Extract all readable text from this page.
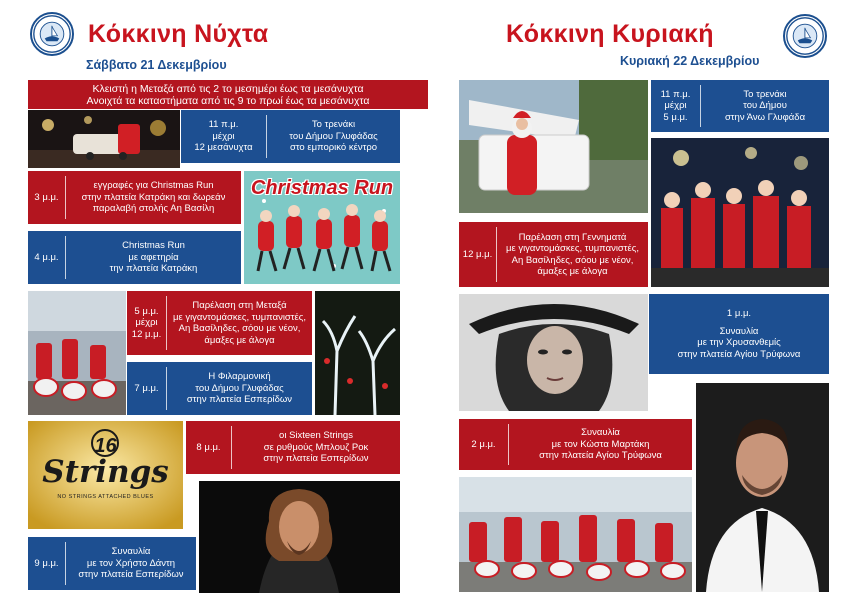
Κόκκινη Νύχτα
Σάββατο 21 Δεκεμβρίου
Κλειστή η Μεταξά από τις 2 το μεσημέρι έως τα μεσάνυχτα
Ανοιχτά τα καταστήματα από τις 9 το πρωί έως τα μεσάνυχτα
11 π.μ.
μέχρι
12 μεσάνυχτα
Το τρενάκι
του Δήμου Γλυφάδας
στο εμπορικό κέντρο
3 μ.μ.
εγγραφές για Christmas Run
στην πλατεία Κατράκη και δωρεάν
παραλαβή στολής Αη Βασίλη
Christmas Run
4 μ.μ.
Christmas Run
με αφετηρία
την πλατεία Κατράκη
5 μ.μ.
μέχρι
12 μ.μ.
Παρέλαση στη Μεταξά
με γιγαντομάσκες, τυμπανιστές,
Αη Βασίληδες, σόου με νέον,
άμαξες με άλογα
7 μ.μ.
Η Φιλαρμονική
του Δήμου Γλυφάδας
στην πλατεία Εσπερίδων
16
Strings
NO STRINGS ATTACHED BLUES
8 μ.μ.
οι Sixteen Strings
σε ρυθμούς Μπλουζ Ροκ
στην πλατεία Εσπερίδων
9 μ.μ.
Συναυλία
με τον Χρήστο Δάντη
στην πλατεία Εσπερίδων
Κόκκινη Κυριακή
Κυριακή 22 Δεκεμβρίου
11 π.μ.
μέχρι
5 μ.μ.
Το τρενάκι
του Δήμου
στην Άνω Γλυφάδα
12 μ.μ.
Παρέλαση στη Γεννηματά
με γιγαντομάσκες, τυμπανιστές,
Αη Βασίληδες, σόου με νέον,
άμαξες με άλογα
1 μ.μ.
Συναυλία
με την Χρυσανθεμίς
στην πλατεία Αγίου Τρύφωνα
2 μ.μ.
Συναυλία
με τον Κώστα Μαρτάκη
στην πλατεία Αγίου Τρύφωνα
